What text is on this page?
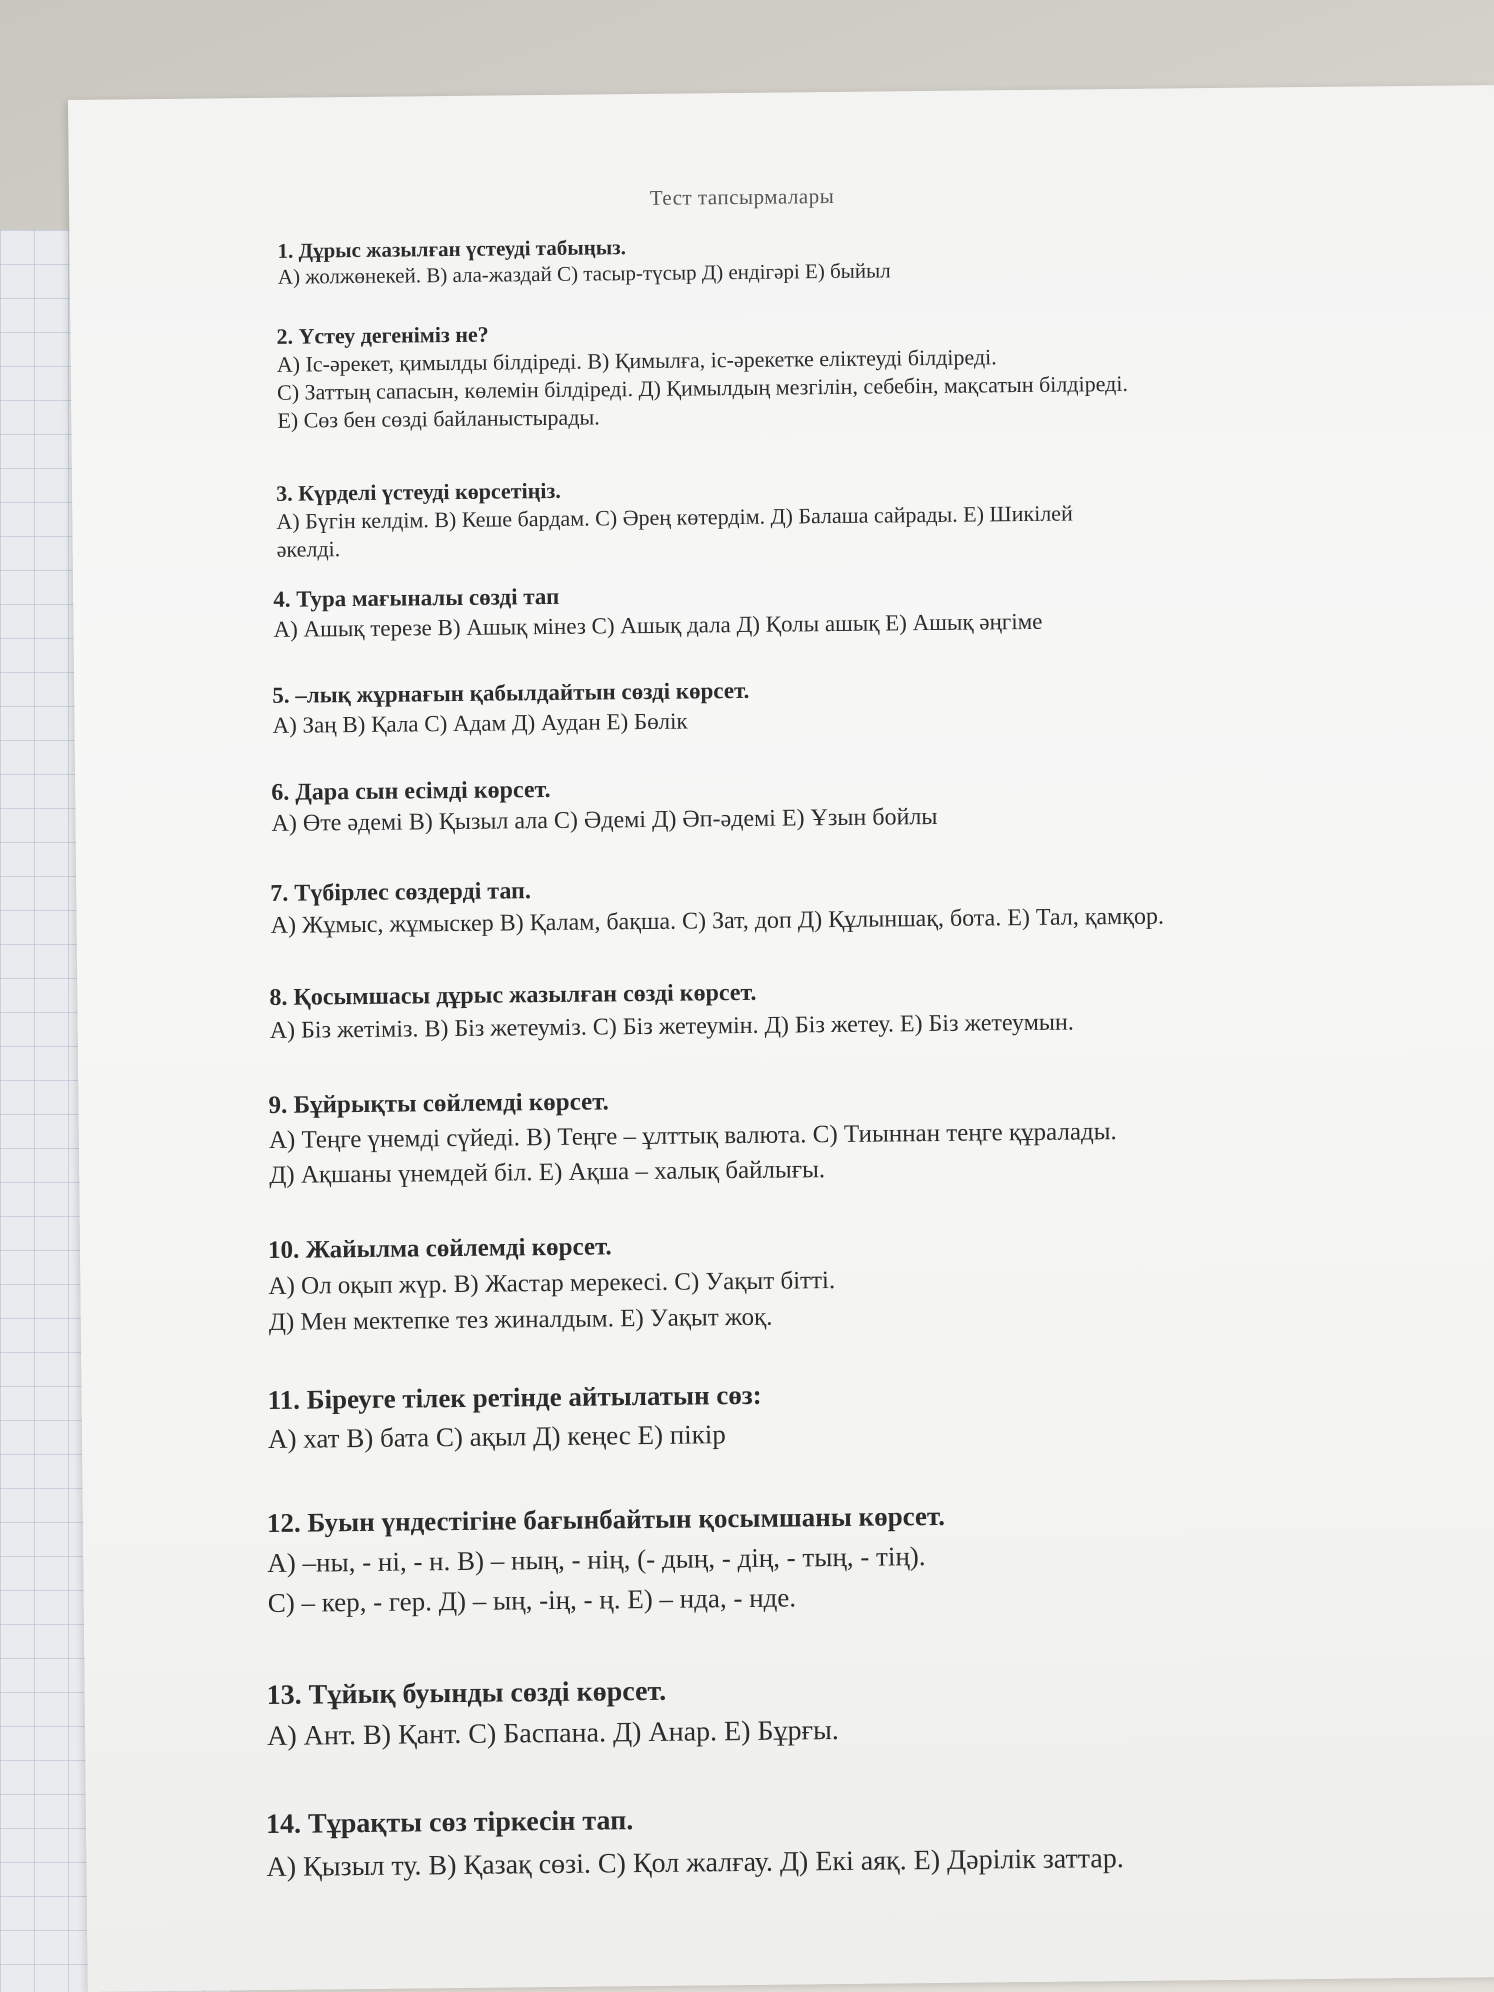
Тест тапсырмалары
1. Дұрыс жазылған үстеуді табыңыз.
А) жолжөнекей. В) ала-жаздай С) тасыр-түсыр Д) ендігәрі Е) быйыл
2. Үстеу дегеніміз не?
А) Іс-әрекет, қимылды білдіреді. В) Қимылға, іс-әрекетке еліктеуді білдіреді.
С) Заттың сапасын, көлемін білдіреді. Д) Қимылдың мезгілін, себебін, мақсатын білдіреді.
Е) Сөз бен сөзді байланыстырады.
3. Күрделі үстеуді көрсетіңіз.
А) Бүгін келдім. В) Кеше бардам. С) Әрең көтердім. Д) Балаша сайрады. Е) Шикілей
әкелді.
4. Тура мағыналы сөзді тап
А) Ашық терезе В) Ашық мінез С) Ашық дала Д) Қолы ашық Е) Ашық әңгіме
5. –лық жұрнағын қабылдайтын сөзді көрсет.
А) Заң В) Қала С) Адам Д) Аудан Е) Бөлік
6. Дара сын есімді көрсет.
А) Өте әдемі В) Қызыл ала С) Әдемі Д) Әп-әдемі Е) Ұзын бойлы
7. Түбірлес сөздерді тап.
А) Жұмыс, жұмыскер В) Қалам, бақша. С) Зат, доп Д) Құлыншақ, бота. Е) Тал, қамқор.
8. Қосымшасы дұрыс жазылған сөзді көрсет.
А) Біз жетіміз. В) Біз жетеуміз. С) Біз жетеумін. Д) Біз жетеу. Е) Біз жетеумын.
9. Бұйрықты сөйлемді көрсет.
А) Теңге үнемді сүйеді. В) Теңге – ұлттық валюта. С) Тиыннан теңге құралады.
Д) Ақшаны үнемдей біл. Е) Ақша – халық байлығы.
10. Жайылма сөйлемді көрсет.
А) Ол оқып жүр. В) Жастар мерекесі. С) Уақыт бітті.
Д) Мен мектепке тез жиналдым. Е) Уақыт жоқ.
11. Біреуге тілек ретінде айтылатын сөз:
А) хат В) бата С) ақыл Д) кеңес Е) пікір
12. Буын үндестігіне бағынбайтын қосымшаны көрсет.
А) –ны, - ні, - н. В) – ның, - нің, (- дың, - дің, - тың, - тің).
С) – кер, - гер. Д) – ың, -ің, - ң. Е) – нда, - нде.
13. Тұйық буынды сөзді көрсет.
А) Ант. В) Қант. С) Баспана. Д) Анар. Е) Бұрғы.
14. Тұрақты сөз тіркесін тап.
А) Қызыл ту. В) Қазақ сөзі. С) Қол жалғау. Д) Екі аяқ. Е) Дәрілік заттар.
